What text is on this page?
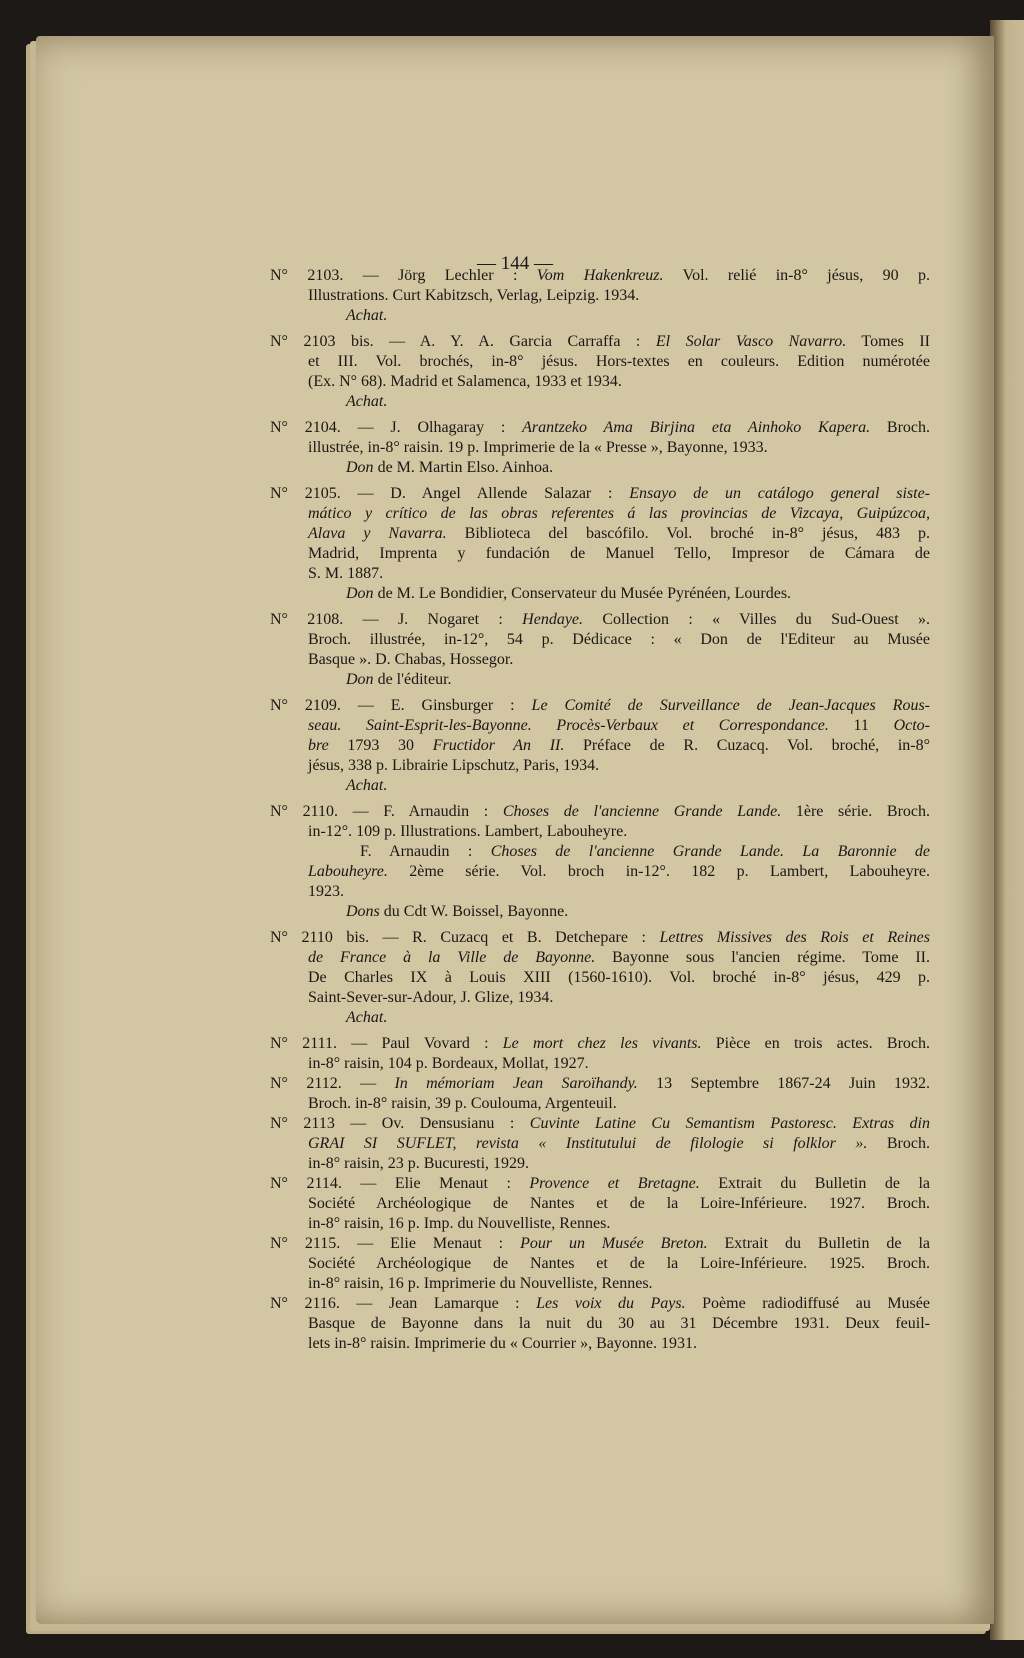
— 144 —
N° 2103. — Jörg Lechler : Vom Hakenkreuz. Vol. relié in-8° jésus, 90 p.
Illustrations. Curt Kabitzsch, Verlag, Leipzig. 1934.
Achat.
N° 2103 bis. — A. Y. A. Garcia Carraffa : El Solar Vasco Navarro. Tomes II
et III. Vol. brochés, in-8° jésus. Hors-textes en couleurs. Edition numérotée
(Ex. N° 68). Madrid et Salamenca, 1933 et 1934.
Achat.
N° 2104. — J. Olhagaray : Arantzeko Ama Birjina eta Ainhoko Kapera. Broch.
illustrée, in-8° raisin. 19 p. Imprimerie de la « Presse », Bayonne, 1933.
Don de M. Martin Elso. Ainhoa.
N° 2105. — D. Angel Allende Salazar : Ensayo de un catálogo general siste-
mático y crítico de las obras referentes á las provincias de Vizcaya, Guipúzcoa,
Alava y Navarra. Biblioteca del bascófilo. Vol. broché in-8° jésus, 483 p.
Madrid, Imprenta y fundación de Manuel Tello, Impresor de Cámara de
S. M. 1887.
Don de M. Le Bondidier, Conservateur du Musée Pyrénéen, Lourdes.
N° 2108. — J. Nogaret : Hendaye. Collection : « Villes du Sud-Ouest ».
Broch. illustrée, in-12°, 54 p. Dédicace : « Don de l'Editeur au Musée
Basque ». D. Chabas, Hossegor.
Don de l'éditeur.
N° 2109. — E. Ginsburger : Le Comité de Surveillance de Jean-Jacques Rous-
seau. Saint-Esprit-les-Bayonne. Procès-Verbaux et Correspondance. 11 Octo-
bre 1793 30 Fructidor An II. Préface de R. Cuzacq. Vol. broché, in-8°
jésus, 338 p. Librairie Lipschutz, Paris, 1934.
Achat.
N° 2110. — F. Arnaudin : Choses de l'ancienne Grande Lande. 1ère série. Broch.
in-12°. 109 p. Illustrations. Lambert, Labouheyre.
F. Arnaudin : Choses de l'ancienne Grande Lande. La Baronnie de
Labouheyre. 2ème série. Vol. broch in-12°. 182 p. Lambert, Labouheyre.
1923.
Dons du Cdt W. Boissel, Bayonne.
N° 2110 bis. — R. Cuzacq et B. Detchepare : Lettres Missives des Rois et Reines
de France à la Ville de Bayonne. Bayonne sous l'ancien régime. Tome II.
De Charles IX à Louis XIII (1560-1610). Vol. broché in-8° jésus, 429 p.
Saint-Sever-sur-Adour, J. Glize, 1934.
Achat.
N° 2111. — Paul Vovard : Le mort chez les vivants. Pièce en trois actes. Broch.
in-8° raisin, 104 p. Bordeaux, Mollat, 1927.
N° 2112. — In mémoriam Jean Saroïhandy. 13 Septembre 1867-24 Juin 1932.
Broch. in-8° raisin, 39 p. Coulouma, Argenteuil.
N° 2113 — Ov. Densusianu : Cuvinte Latine Cu Semantism Pastoresc. Extras din
GRAI SI SUFLET, revista « Institutului de filologie si folklor ». Broch.
in-8° raisin, 23 p. Bucuresti, 1929.
N° 2114. — Elie Menaut : Provence et Bretagne. Extrait du Bulletin de la
Société Archéologique de Nantes et de la Loire-Inférieure. 1927. Broch.
in-8° raisin, 16 p. Imp. du Nouvelliste, Rennes.
N° 2115. — Elie Menaut : Pour un Musée Breton. Extrait du Bulletin de la
Société Archéologique de Nantes et de la Loire-Inférieure. 1925. Broch.
in-8° raisin, 16 p. Imprimerie du Nouvelliste, Rennes.
N° 2116. — Jean Lamarque : Les voix du Pays. Poème radiodiffusé au Musée
Basque de Bayonne dans la nuit du 30 au 31 Décembre 1931. Deux feuil-
lets in-8° raisin. Imprimerie du « Courrier », Bayonne. 1931.
